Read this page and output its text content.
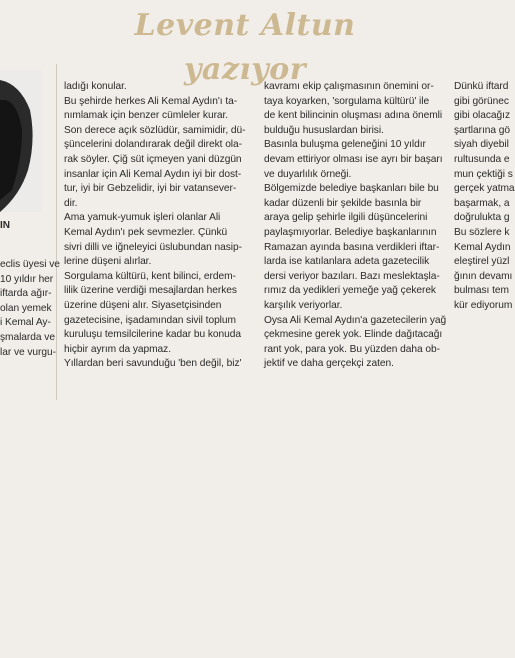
Levent Altun yazıyor
IN
eclis üyesi ve
10 yıldır her
iftarda ağır-
olan yemek
i Kemal Ay-
şmalarda ve
lar ve vurgu-
ladığı konular.
Bu şehirde herkes Ali Kemal Aydın'ı ta-
nımlamak için benzer cümleler kurar.
Son derece açık sözlüdür, samimidir, dü-
şüncelerini dolandırarak değil direkt ola-
rak söyler. Çiğ süt içmeyen yani düzgün
insanlar için Ali Kemal Aydın iyi bir dost-
tur, iyi bir Gebzelidir, iyi bir vatansever-
dir.
Ama yamuk-yumuk işleri olanlar Ali
Kemal Aydın'ı pek sevmezler. Çünkü
sivri dilli ve iğneleyici üslubundan nasip-
lerine düşeni alırlar.
Sorgulama kültürü, kent bilinci, erdem-
lilik üzerine verdiği mesajlardan herkes
üzerine düşeni alır. Siyasetçisinden
gazetecisine, işadamından sivil toplum
kuruluşu temsilcilerine kadar bu konuda
hiçbir ayrım da yapmaz.
Yıllardan beri savunduğu 'ben değil, biz'
kavramı ekip çalışmasının önemini or-
taya koyarken, 'sorgulama kültürü' ile
de kent bilincinin oluşması adına önemli
bulduğu hususlardan birisi.
Basınla buluşma geleneğini 10 yıldır
devam ettiriyor olması ise ayrı bir başarı
ve duyarlılık örneği.
Bölgemizde belediye başkanları bile bu
kadar düzenli bir şekilde basınla bir
araya gelip şehirle ilgili düşüncelerini
paylaşmıyorlar. Belediye başkanlarının
Ramazan ayında basına verdikleri iftar-
larda ise katılanlara adeta gazetecilik
dersi veriyor bazıları. Bazı meslektaşla-
rımız da yedikleri yemeğe yağ çekerek
karşılık veriyorlar.
Oysa Ali Kemal Aydın'a gazetecilerin yağ
çekmesine gerek yok. Elinde dağıtacağı
rant yok, para yok. Bu yüzden daha ob-
jektif ve daha gerçekçi zaten.
Dünkü iftard
gibi görünec
gibi olacağız
şartlarına gö
siyah diyebil
rultusunda e
mun çektiği s
gerçek yatma
başarmak, a
doğrulukta g
Bu sözlere k
Kemal Aydın
eleştirel yüzl
ğının devamı
bulması tem
kür ediyorum
